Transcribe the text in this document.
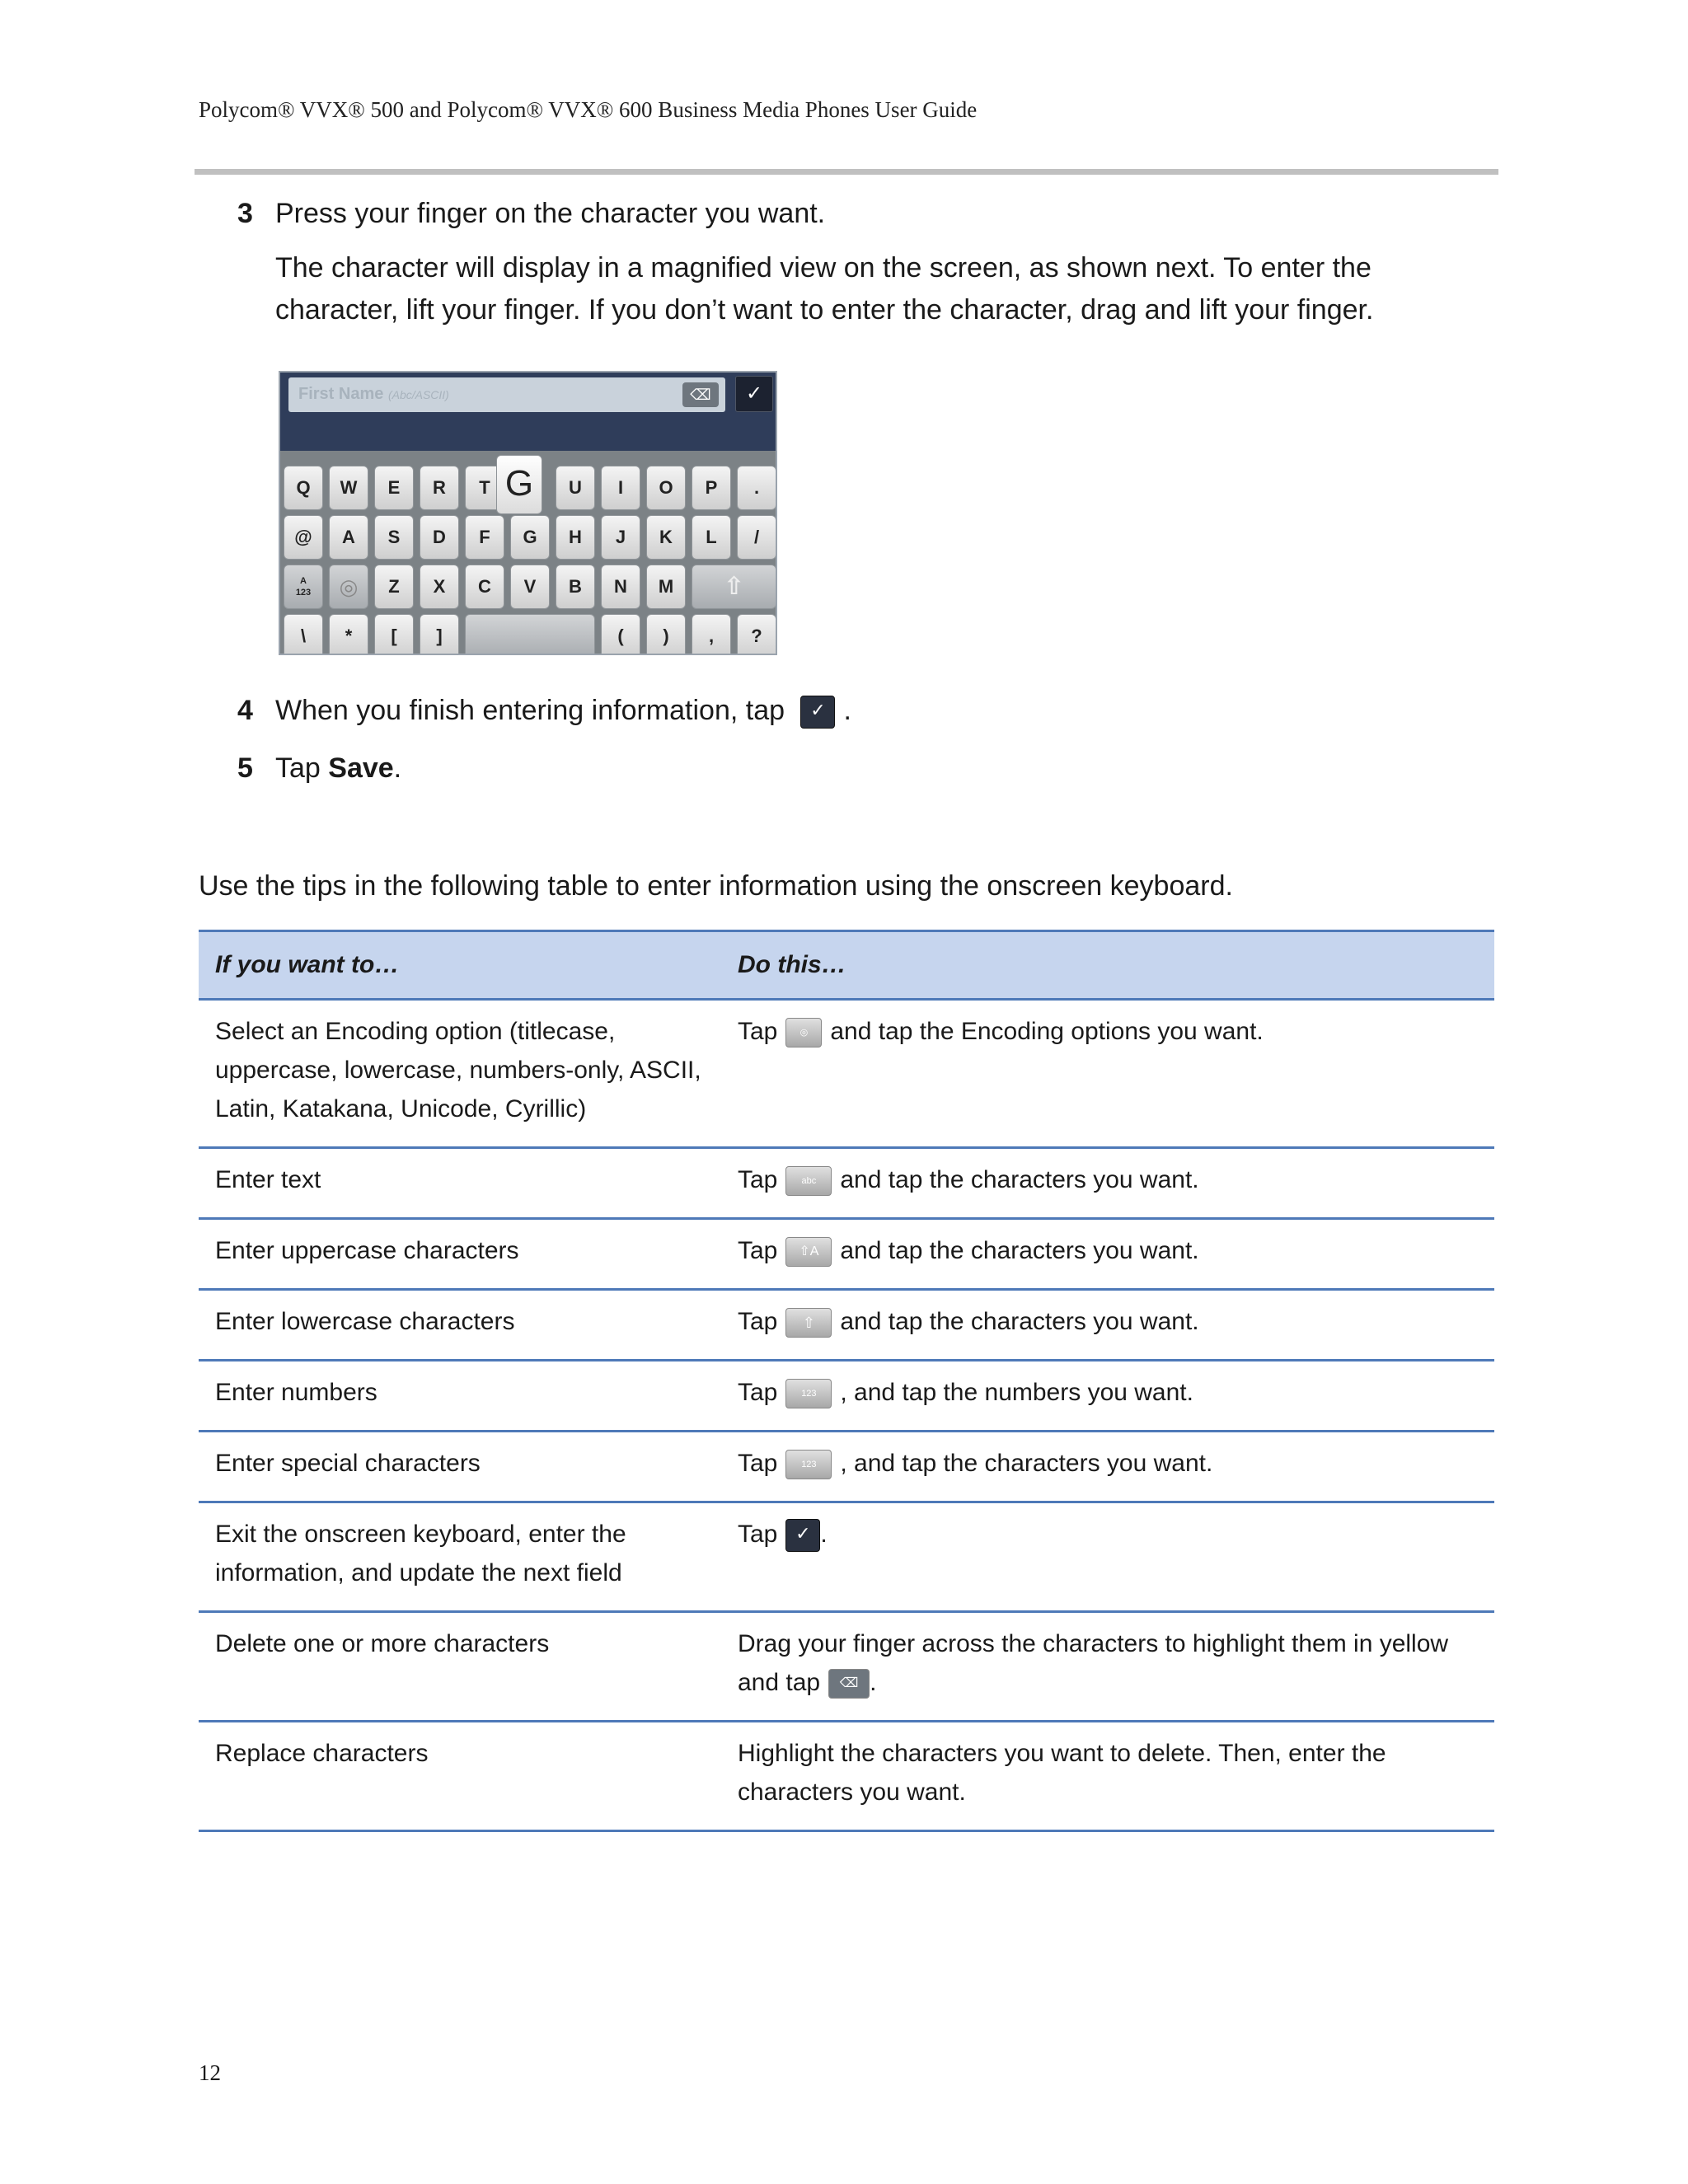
Polycom® VVX® 500 and Polycom® VVX® 600 Business Media Phones User Guide
3 Press your finger on the character you want.
The character will display in a magnified view on the screen, as shown next. To enter the character, lift your finger. If you don’t want to enter the character, drag and lift your finger.
First Name (Abc/ASCII)	⌫	✓
Q	W	E	R	T G	U	I	O	P	.
@	A	S	D	F	G	H	J	K	L	/
A
123	◎	Z	X	C	V	B	N	M	⇧
\	*	[	]	(	)	,	?
4 When you finish entering information, tap ✓ .
5 Tap Save.
Use the tips in the following table to enter information using the onscreen keyboard.
If you want to…	Do this…
Select an Encoding option (titlecase, uppercase, lowercase, numbers-only, ASCII, Latin, Katakana, Unicode, Cyrillic)	Tap ◎ and tap the Encoding options you want.
Enter text	Tap abc and tap the characters you want.
Enter uppercase characters	Tap ⇧A and tap the characters you want.
Enter lowercase characters	Tap ⇧ and tap the characters you want.
Enter numbers	Tap 123 , and tap the numbers you want.
Enter special characters	Tap 123 , and tap the characters you want.
Exit the onscreen keyboard, enter the information, and update the next field	Tap ✓ .
Delete one or more characters	Drag your finger across the characters to highlight them in yellow and tap ⌫ .
Replace characters	Highlight the characters you want to delete. Then, enter the characters you want.
12
